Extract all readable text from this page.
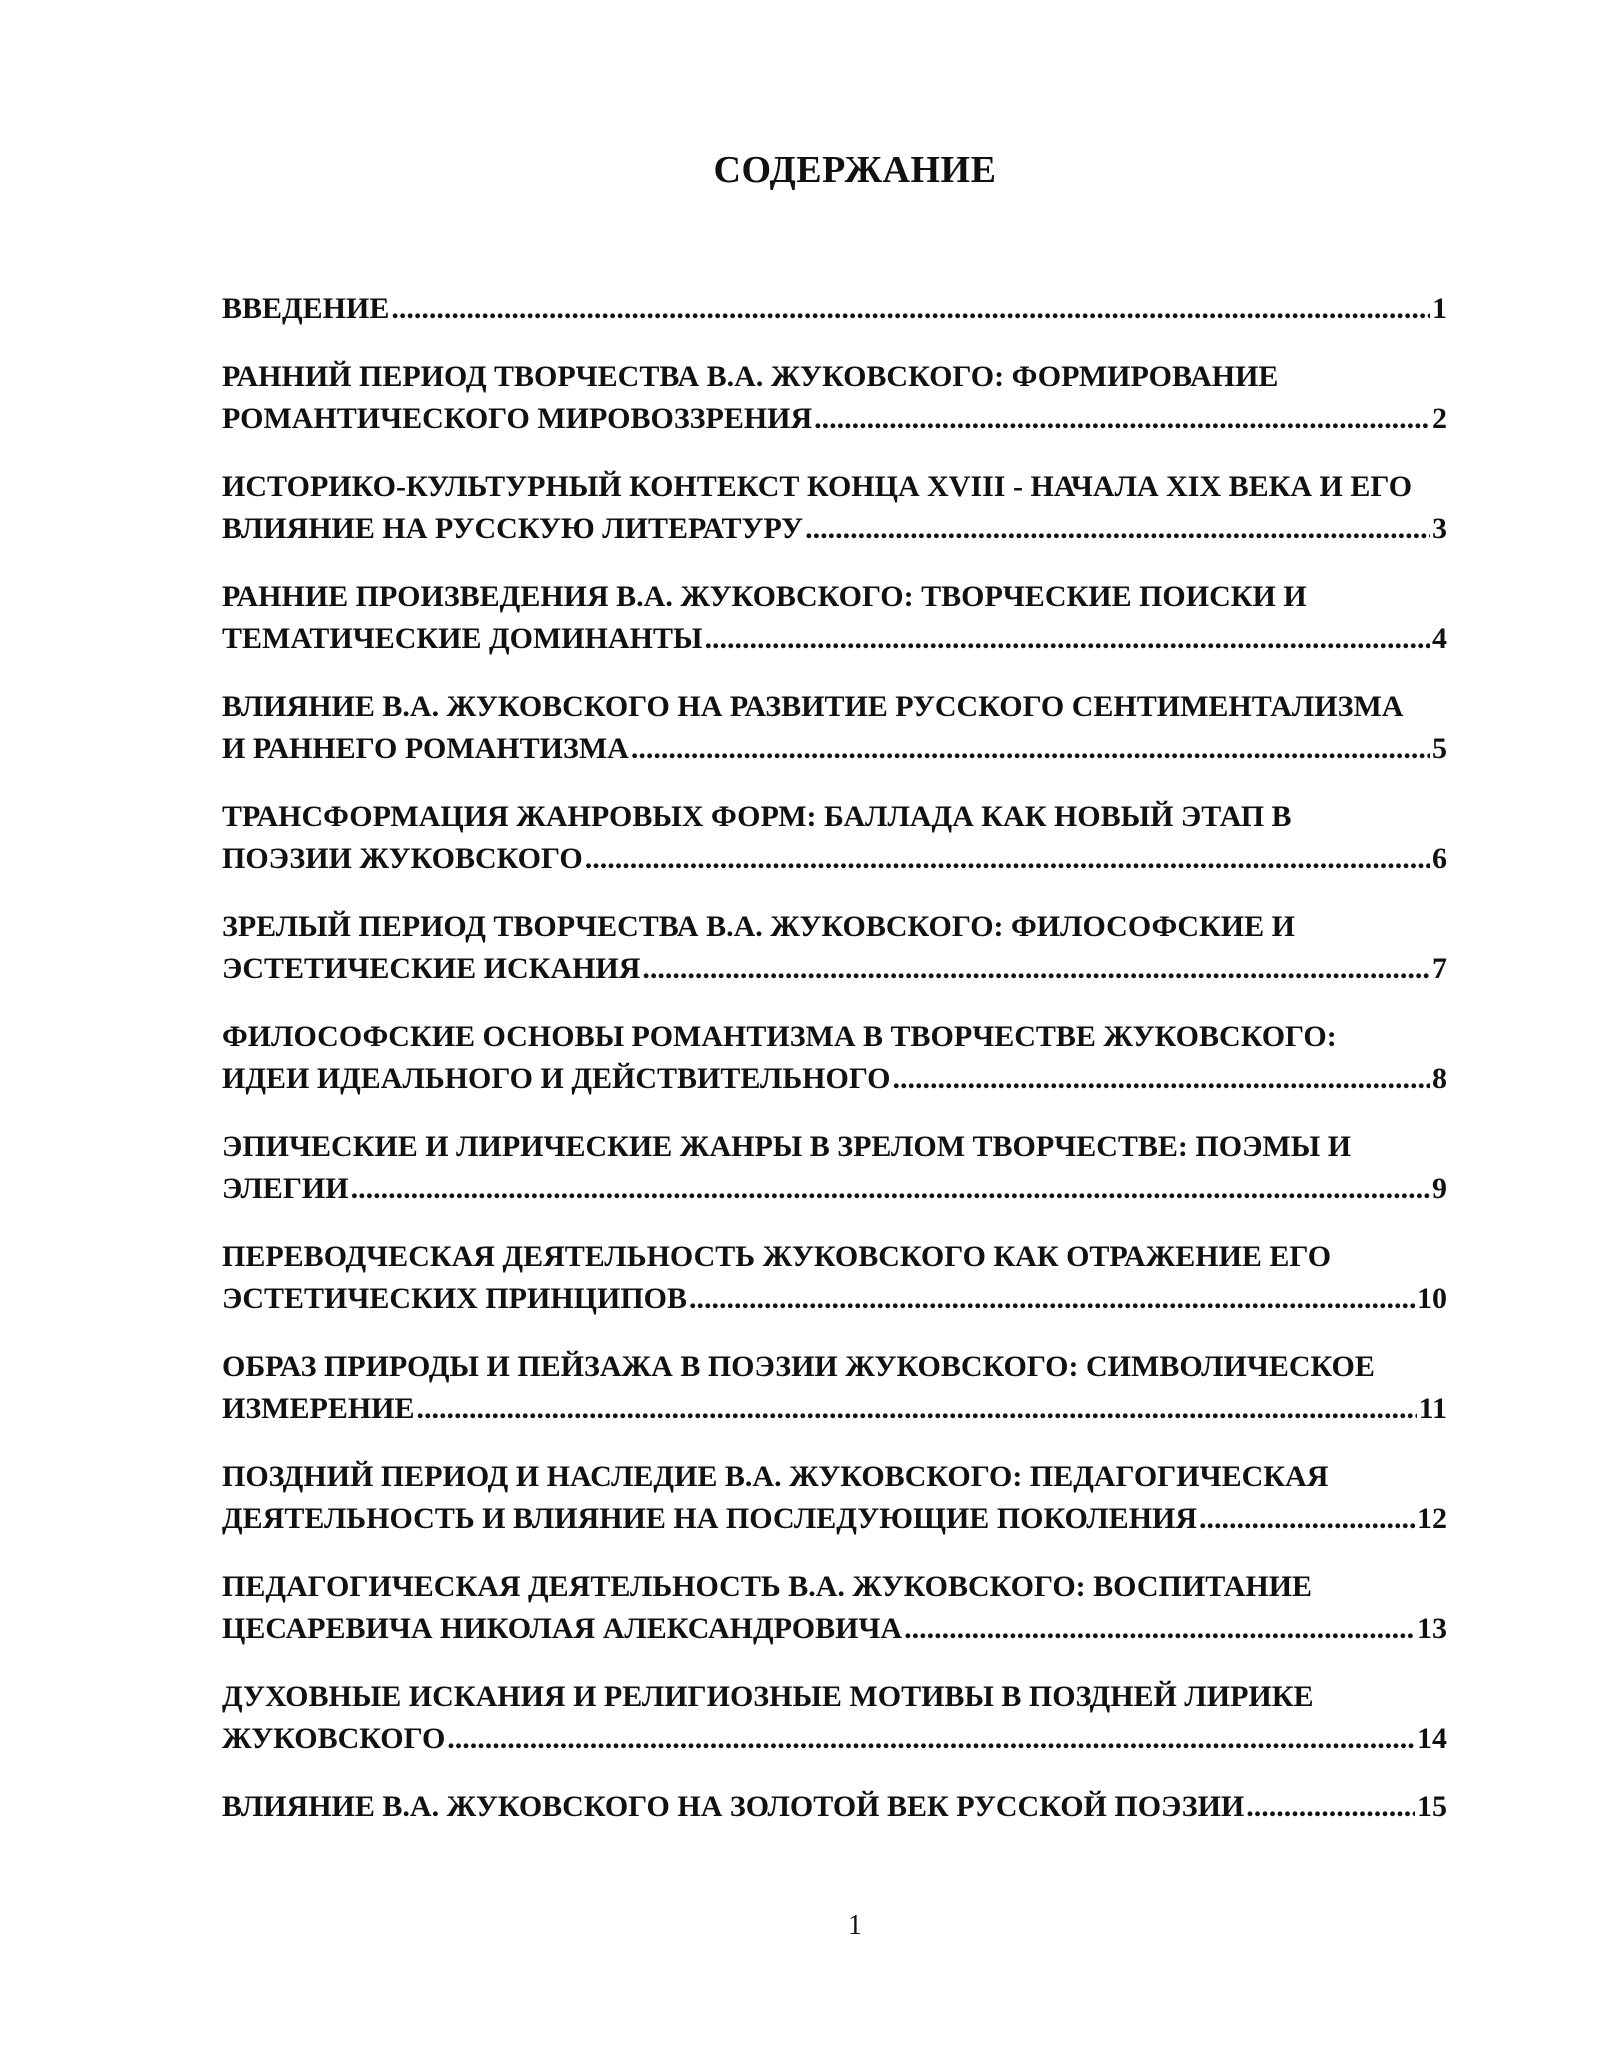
СОДЕРЖАНИЕ
ВВЕДЕНИЕ .....	1
РАННИЙ ПЕРИОД ТВОРЧЕСТВА В.А. ЖУКОВСКОГО: ФОРМИРОВАНИЕ
РОМАНТИЧЕСКОГО МИРОВОЗЗРЕНИЯ .....	2
ИСТОРИКО-КУЛЬТУРНЫЙ КОНТЕКСТ КОНЦА XVIII - НАЧАЛА XIX ВЕКА И ЕГО
ВЛИЯНИЕ НА РУССКУЮ ЛИТЕРАТУРУ .....	3
РАННИЕ ПРОИЗВЕДЕНИЯ В.А. ЖУКОВСКОГО: ТВОРЧЕСКИЕ ПОИСКИ И
ТЕМАТИЧЕСКИЕ ДОМИНАНТЫ .....	4
ВЛИЯНИЕ В.А. ЖУКОВСКОГО НА РАЗВИТИЕ РУССКОГО СЕНТИМЕНТАЛИЗМА
И РАННЕГО РОМАНТИЗМА .....	5
ТРАНСФОРМАЦИЯ ЖАНРОВЫХ ФОРМ: БАЛЛАДА КАК НОВЫЙ ЭТАП В
ПОЭЗИИ ЖУКОВСКОГО .....	6
ЗРЕЛЫЙ ПЕРИОД ТВОРЧЕСТВА В.А. ЖУКОВСКОГО: ФИЛОСОФСКИЕ И
ЭСТЕТИЧЕСКИЕ ИСКАНИЯ .....	7
ФИЛОСОФСКИЕ ОСНОВЫ РОМАНТИЗМА В ТВОРЧЕСТВЕ ЖУКОВСКОГО:
ИДЕИ ИДЕАЛЬНОГО И ДЕЙСТВИТЕЛЬНОГО .....	8
ЭПИЧЕСКИЕ И ЛИРИЧЕСКИЕ ЖАНРЫ В ЗРЕЛОМ ТВОРЧЕСТВЕ: ПОЭМЫ И
ЭЛЕГИИ .....	9
ПЕРЕВОДЧЕСКАЯ ДЕЯТЕЛЬНОСТЬ ЖУКОВСКОГО КАК ОТРАЖЕНИЕ ЕГО
ЭСТЕТИЧЕСКИХ ПРИНЦИПОВ .....	10
ОБРАЗ ПРИРОДЫ И ПЕЙЗАЖА В ПОЭЗИИ ЖУКОВСКОГО: СИМВОЛИЧЕСКОЕ
ИЗМЕРЕНИЕ .....	11
ПОЗДНИЙ ПЕРИОД И НАСЛЕДИЕ В.А. ЖУКОВСКОГО: ПЕДАГОГИЧЕСКАЯ
ДЕЯТЕЛЬНОСТЬ И ВЛИЯНИЕ НА ПОСЛЕДУЮЩИЕ ПОКОЛЕНИЯ .....	12
ПЕДАГОГИЧЕСКАЯ ДЕЯТЕЛЬНОСТЬ В.А. ЖУКОВСКОГО: ВОСПИТАНИЕ
ЦЕСАРЕВИЧА НИКОЛАЯ АЛЕКСАНДРОВИЧА .....	13
ДУХОВНЫЕ ИСКАНИЯ И РЕЛИГИОЗНЫЕ МОТИВЫ В ПОЗДНЕЙ ЛИРИКЕ
ЖУКОВСКОГО .....	14
ВЛИЯНИЕ В.А. ЖУКОВСКОГО НА ЗОЛОТОЙ ВЕК РУССКОЙ ПОЭЗИИ .....	15
1
